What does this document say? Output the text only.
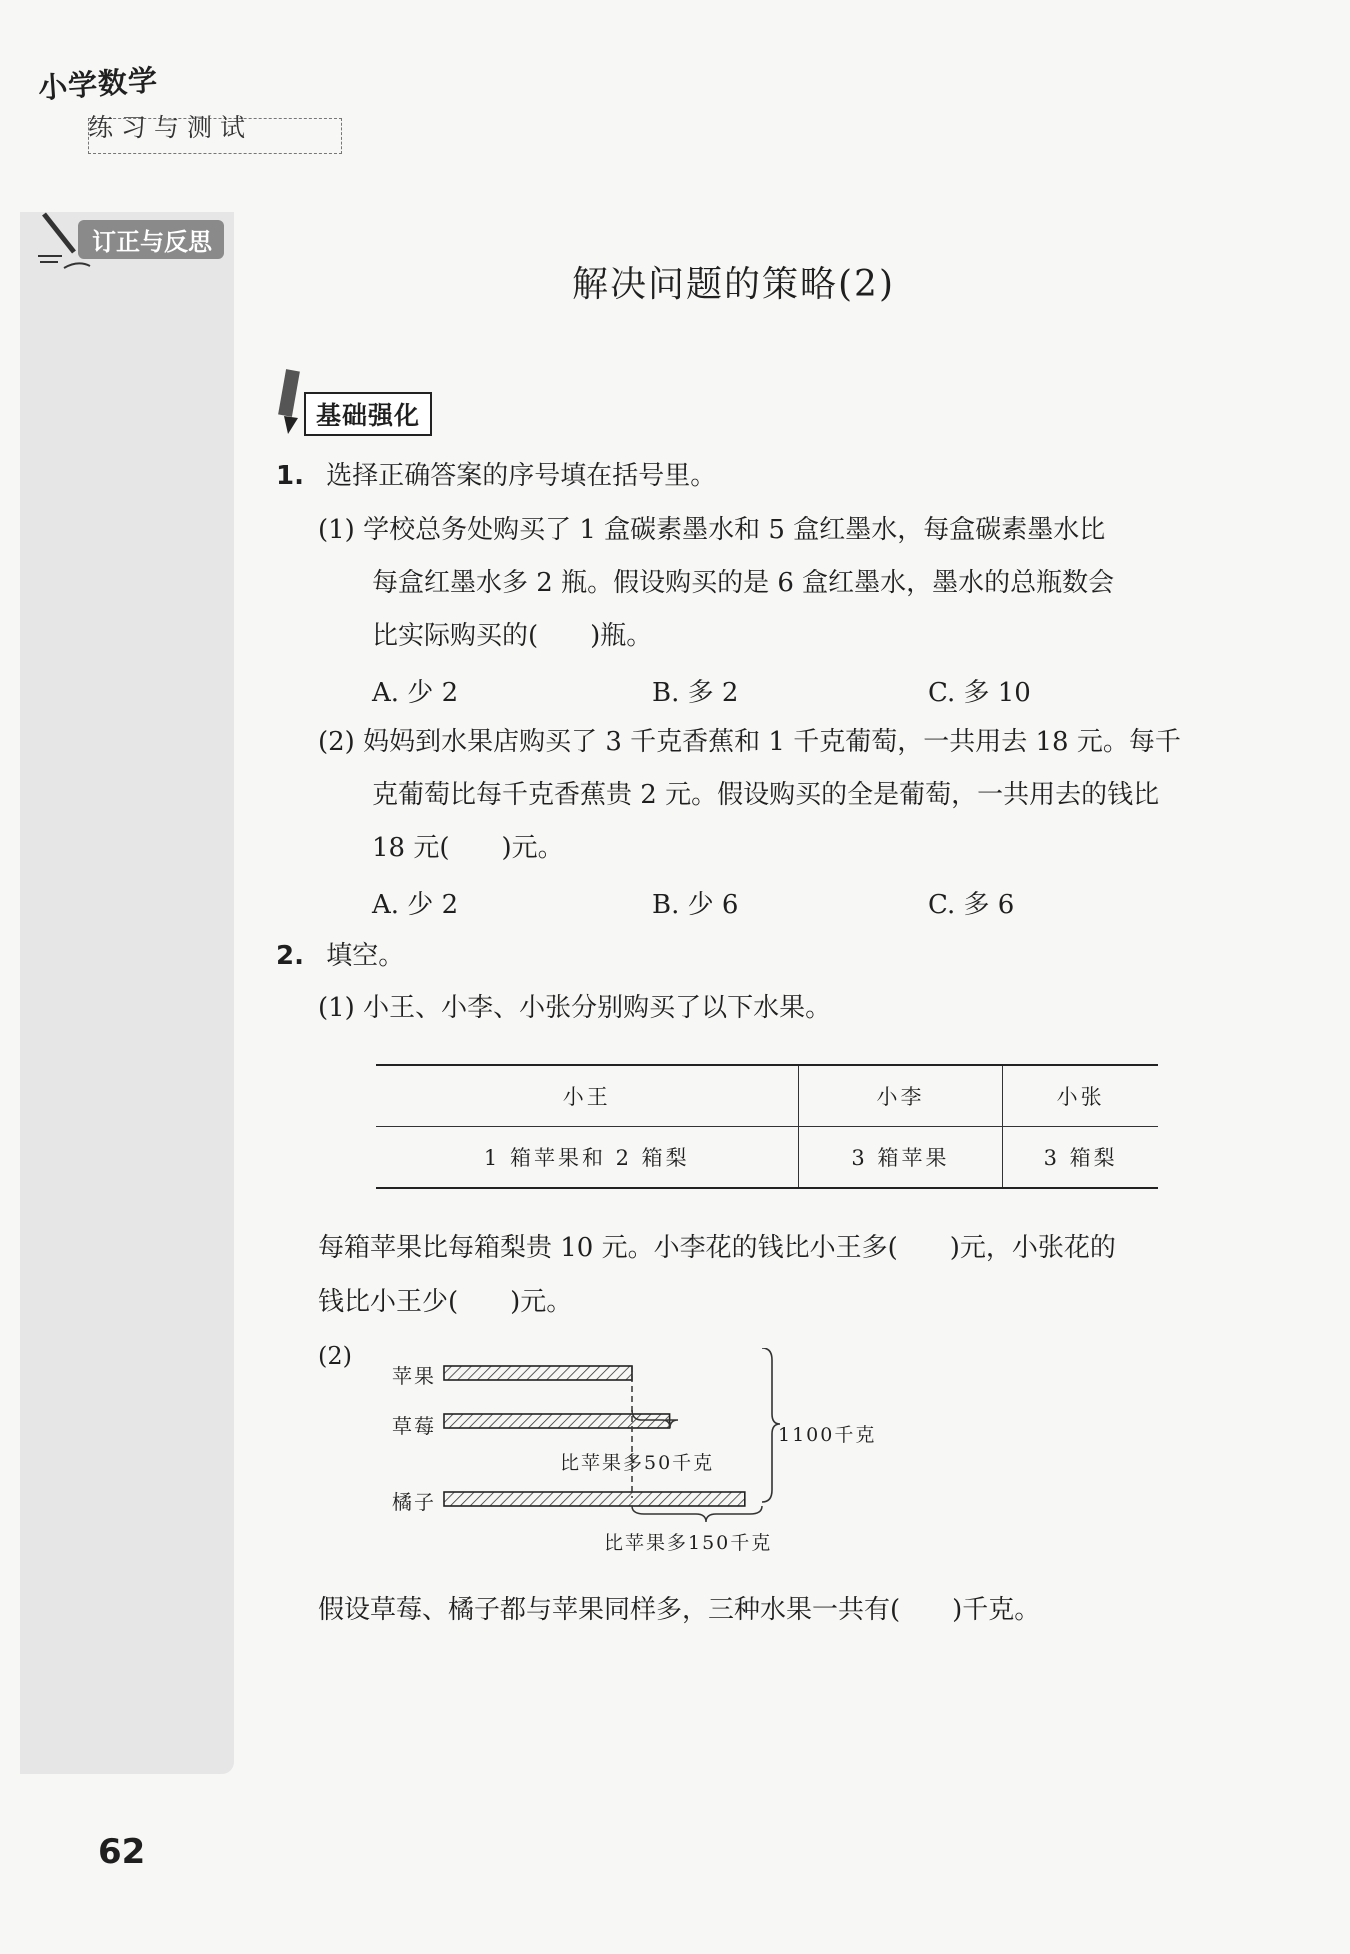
小学数学
练习与测试
订正与反思
解决问题的策略(2)
基础强化
1. 选择正确答案的序号填在括号里。
(1) 学校总务处购买了 1 盒碳素墨水和 5 盒红墨水，每盒碳素墨水比
每盒红墨水多 2 瓶。假设购买的是 6 盒红墨水，墨水的总瓶数会
比实际购买的(　　)瓶。
A. 少 2	B. 多 2	C. 多 10
(2) 妈妈到水果店购买了 3 千克香蕉和 1 千克葡萄，一共用去 18 元。每千
克葡萄比每千克香蕉贵 2 元。假设购买的全是葡萄，一共用去的钱比
18 元(　　)元。
A. 少 2	B. 少 6	C. 多 6
2. 填空。
(1) 小王、小李、小张分别购买了以下水果。
小王	小李	小张
1 箱苹果和 2 箱梨	3 箱苹果	3 箱梨
每箱苹果比每箱梨贵 10 元。小李花的钱比小王多(　　)元，小张花的
钱比小王少(　　)元。
(2)
苹果
草莓
橘子
比苹果多50千克
比苹果多150千克
1100千克
假设草莓、橘子都与苹果同样多，三种水果一共有(　　)千克。
62
